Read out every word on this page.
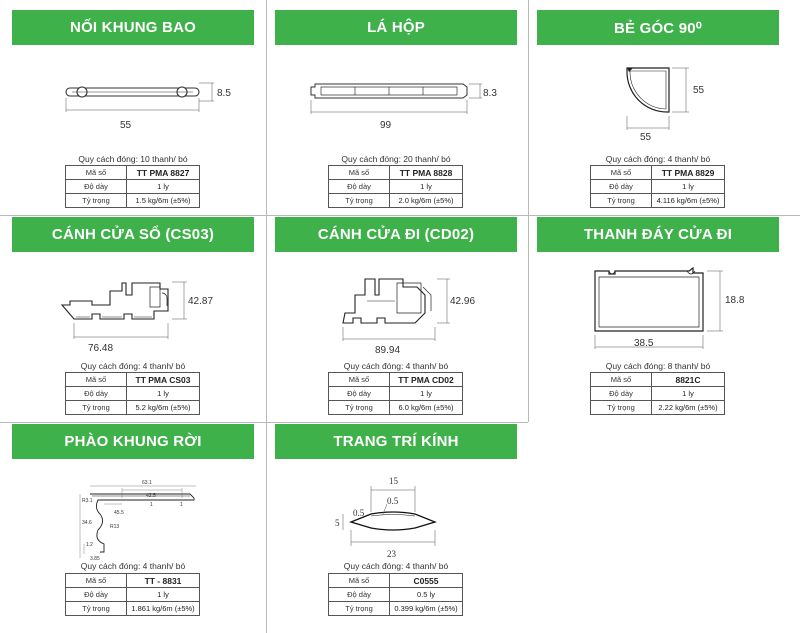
NỐI KHUNG BAO
8.5
55
Quy cách đóng: 10 thanh/ bó
Mã số	TT PMA 8827
Độ dày	1 ly
Tỷ trọng	1.5 kg/6m (±5%)
LÁ HỘP
8.3
99
Quy cách đóng: 20 thanh/ bó
Mã số	TT PMA 8828
Độ dày	1 ly
Tỷ trọng	2.0 kg/6m (±5%)
BẺ GÓC 90⁰
55
55
Quy cách đóng: 4 thanh/ bó
Mã số	TT PMA 8829
Độ dày	1 ly
Tỷ trọng	4.116 kg/6m (±5%)
CÁNH CỬA SỔ (CS03)
42.87
76.48
Quy cách đóng: 4 thanh/ bó
Mã số	TT PMA CS03
Độ dày	1 ly
Tỷ trọng	5.2 kg/6m (±5%)
CÁNH CỬA ĐI (CD02)
42.96
89.94
Quy cách đóng: 4 thanh/ bó
Mã số	TT PMA CD02
Độ dày	1 ly
Tỷ trọng	6.0 kg/6m (±5%)
THANH ĐÁY CỬA ĐI
18.8
38.5
Quy cách đóng: 8 thanh/ bó
Mã số	8821C
Độ dày	1 ly
Tỷ trọng	2.22 kg/6m (±5%)
PHÀO KHUNG RỜI
63.1
42.5
1	1
R3.1
45.5
34.6
R13
1.2
3.85
Quy cách đóng: 4 thanh/ bó
Mã số	TT - 8831
Độ dày	1 ly
Tỷ trọng	1.861 kg/6m (±5%)
TRANG TRÍ KÍNH
15
0.5
0.5
5
23
Quy cách đóng: 4 thanh/ bó
Mã số	C0555
Độ dày	0.5 ly
Tỷ trọng	0.399 kg/6m (±5%)
